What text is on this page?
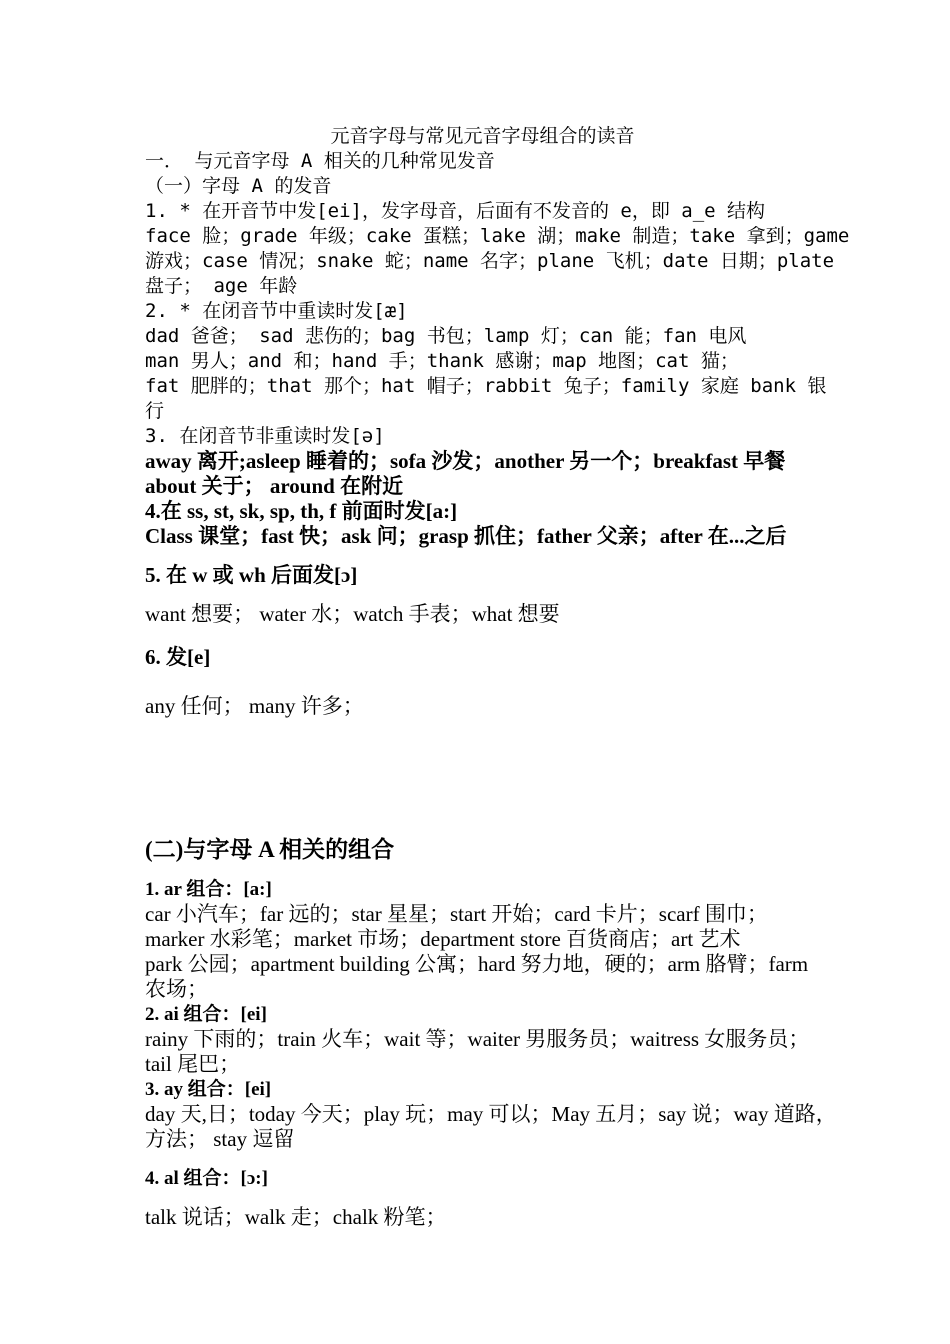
元音字母与常见元音字母组合的读音
一． 与元音字母 A 相关的几种常见发音
（一）字母 A 的发音
1. * 在开音节中发[ei]，发字母音，后面有不发音的 e，即 a_e 结构
face 脸；grade 年级；cake 蛋糕；lake 湖；make 制造；take 拿到；game
游戏；case 情况；snake 蛇；name 名字；plane 飞机；date 日期；plate
盘子； age 年龄
2. * 在闭音节中重读时发[æ]
dad 爸爸； sad 悲伤的；bag 书包；lamp 灯；can 能；fan 电风
man 男人；and 和；hand 手；thank 感谢；map 地图；cat 猫；
fat 肥胖的；that 那个；hat 帽子；rabbit 兔子；family 家庭 bank 银
行
3. 在闭音节非重读时发[ə]
away 离开;asleep 睡着的；sofa 沙发；another 另一个；breakfast 早餐
about 关于； around 在附近
4.在 ss, st, sk, sp, th, f 前面时发[a:]
Class 课堂；fast 快；ask 问；grasp 抓住；father 父亲；after 在...之后
5. 在 w 或 wh 后面发[ɔ]
want 想要； water 水；watch 手表；what 想要
6. 发[e]
any 任何； many 许多；
(二)与字母 A 相关的组合
1. ar 组合：[a:]
car 小汽车；far 远的；star 星星；start 开始；card 卡片；scarf 围巾；
marker 水彩笔；market 市场；department store 百货商店；art 艺术
park 公园；apartment building 公寓；hard 努力地，硬的；arm 胳臂；farm
农场；
2. ai 组合：[ei]
rainy 下雨的；train 火车；wait 等；waiter 男服务员；waitress 女服务员；
tail 尾巴；
3. ay 组合：[ei]
day 天,日；today 今天；play 玩；may 可以；May 五月；say 说；way 道路，
方法； stay 逗留
4. al 组合：[ɔ:]
talk 说话；walk 走；chalk 粉笔；
